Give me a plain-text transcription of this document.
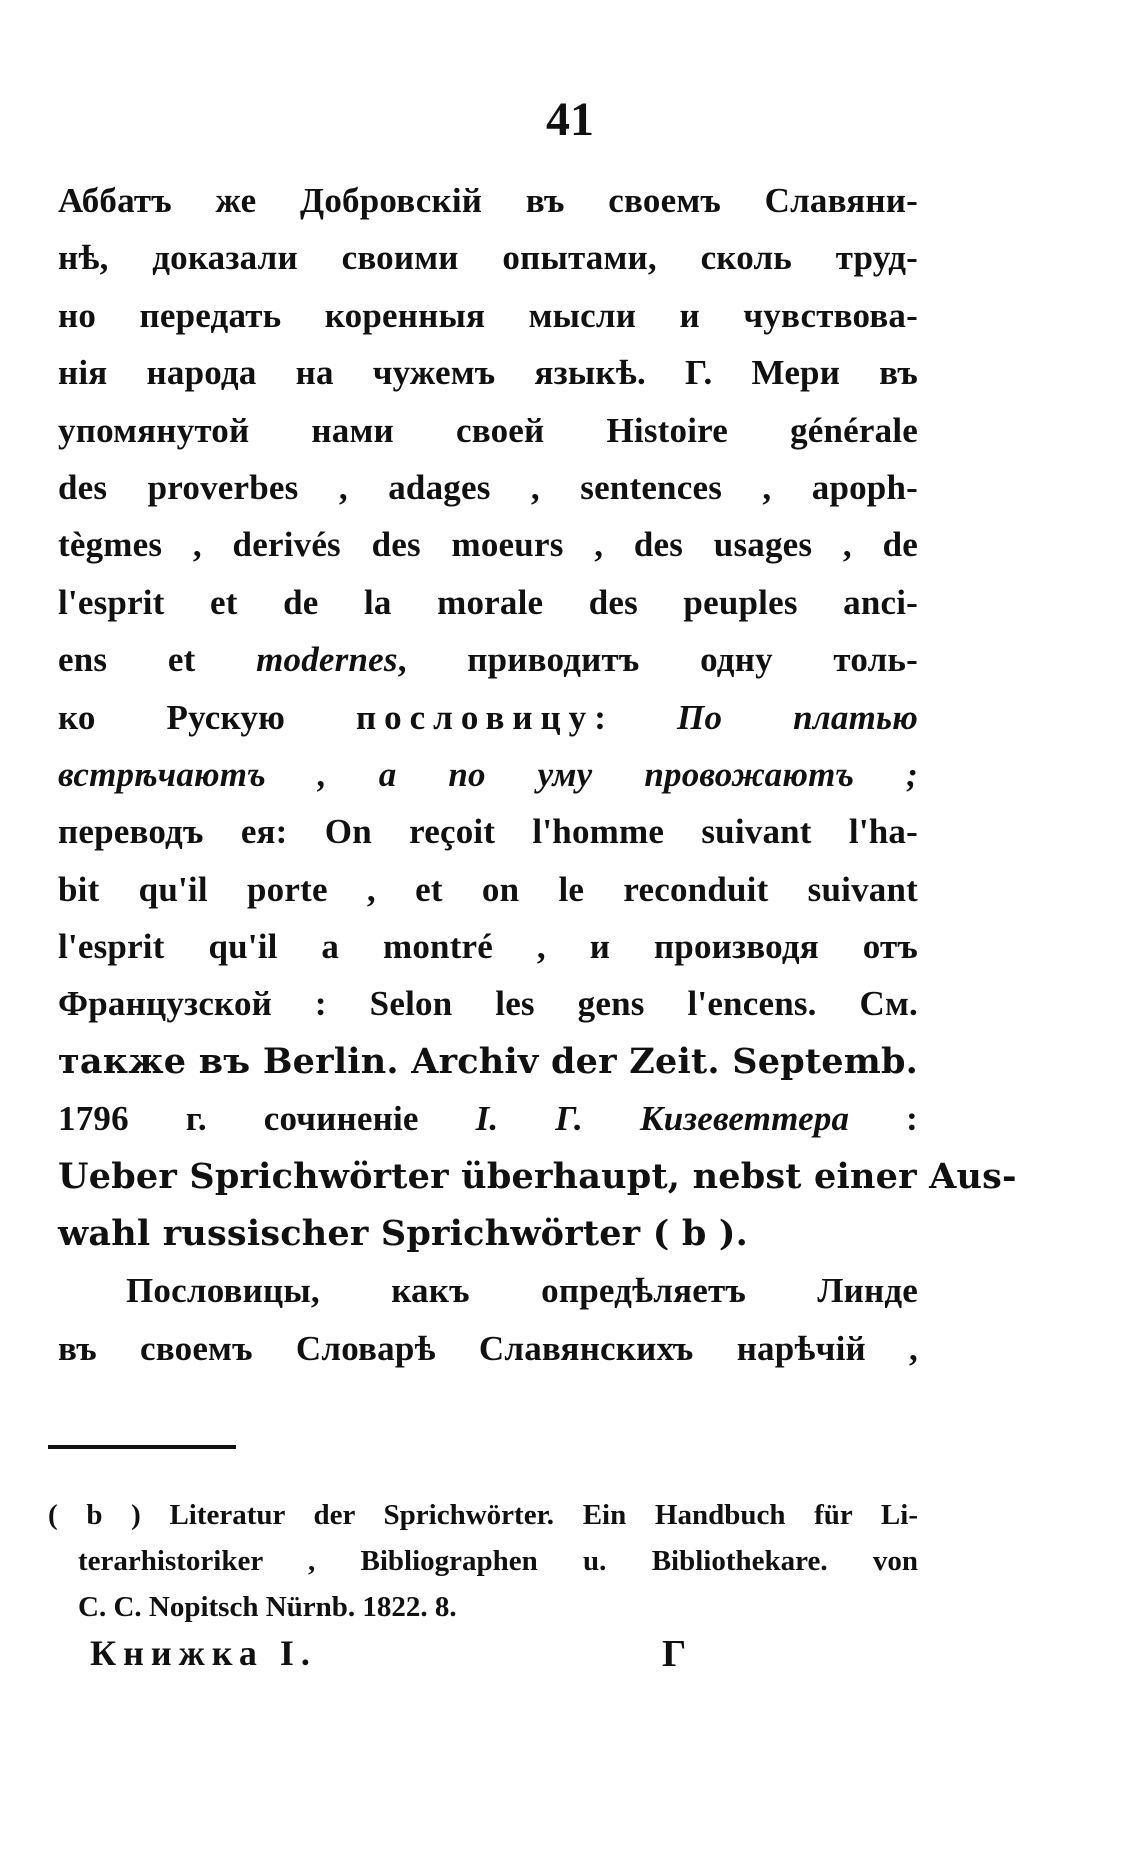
41
Аббатъ же Добровскій въ своемъ Славяни-
нѣ, доказали своими опытами, сколь труд-
но передать коренныя мысли и чувствова-
нія народа на чужемъ языкѣ. Г. Мери въ
упомянутой нами своей Histoire générale
des proverbes , adages , sentences , apoph-
tègmes , derivés des moeurs , des usages , de
l'esprit et de la morale des peuples anci-
ens et modernes, приводитъ одну толь-
ко Рускую пословицу: По платью
встрѣчаютъ , а по уму провожаютъ ;
переводъ ея: On reçoit l'homme suivant l'ha-
bit qu'il porte , et on le reconduit suivant
l'esprit qu'il a montré , и производя отъ
Французской : Selon les gens l'encens. См.
также въ Berlin. Archiv der Zeit. Septemb.
1796 г. сочиненіе I. Г. Кизеветтера :
Ueber Sprichwörter überhaupt, nebst einer Aus-
wahl russischer Sprichwörter ( b ).
Пословицы, какъ опредѣляетъ Линде
въ своемъ Словарѣ Славянскихъ нарѣчій ,
( b ) Literatur der Sprichwörter. Ein Handbuch für Li-
terarhistoriker , Bibliographen u. Bibliothekare. von
C. C. Nopitsch Nürnb. 1822. 8.
Книжка I.	Г
